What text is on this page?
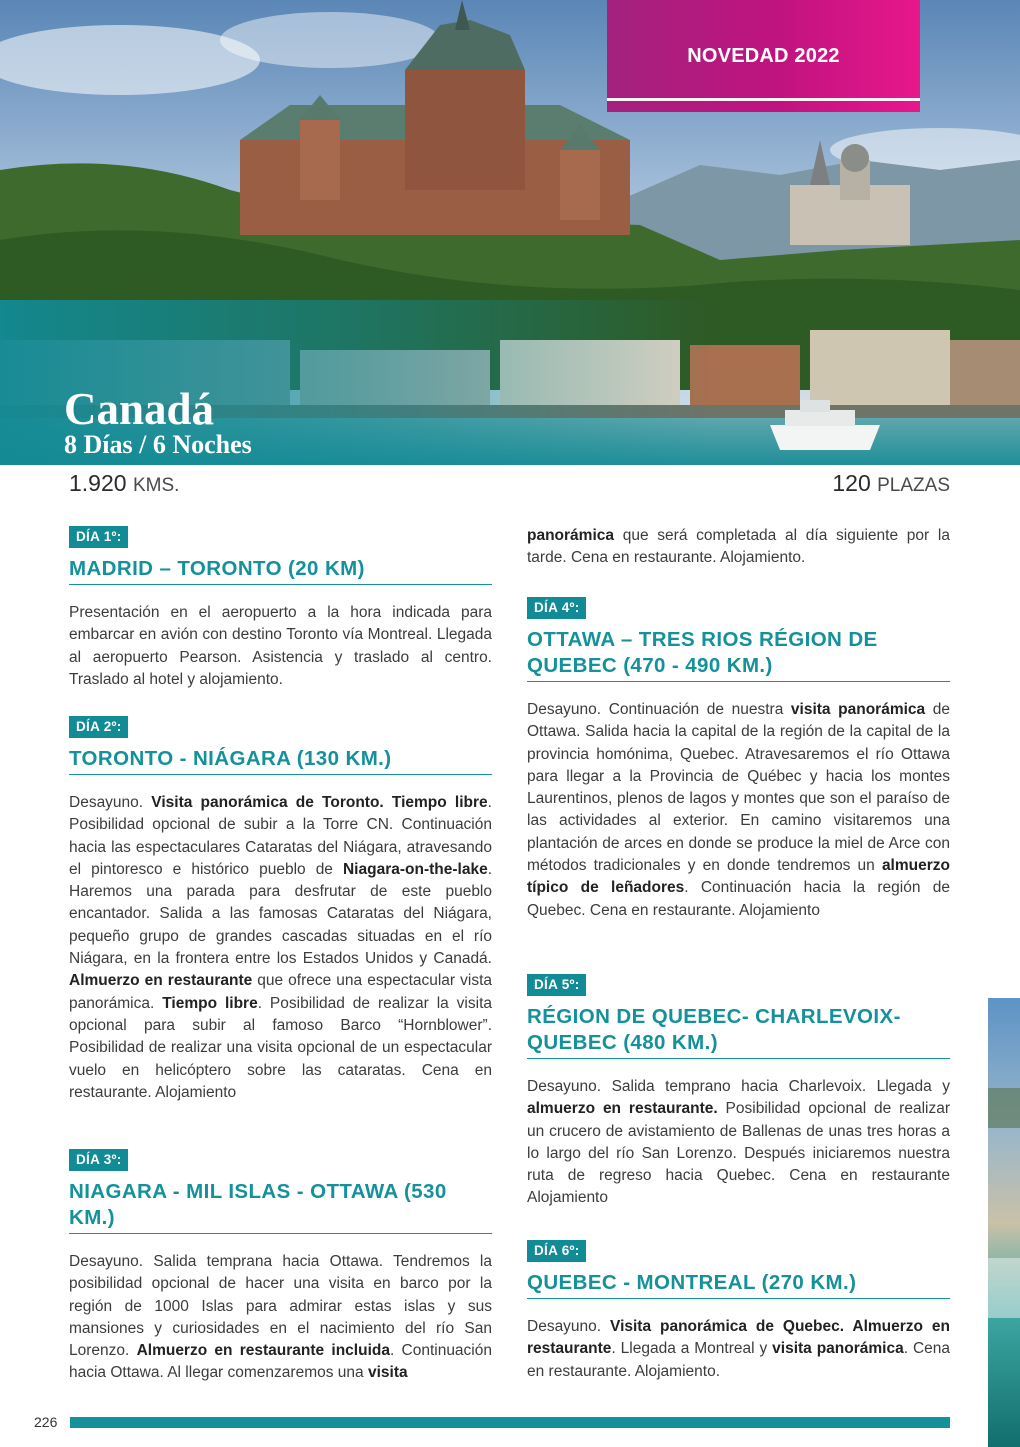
NOVEDAD 2022
Canadá
8 Días / 6 Noches
1.920 KMS.	120 PLAZAS
DÍA 1º:
MADRID – TORONTO (20 KM)
Presentación en el aeropuerto a la hora indicada para embarcar en avión con destino Toronto vía Montreal. Llegada al aeropuerto Pearson. Asistencia y traslado al centro. Traslado al hotel y alojamiento.
DÍA 2º:
TORONTO - NIÁGARA (130 KM.)
Desayuno. Visita panorámica de Toronto. Tiempo libre. Posibilidad opcional de subir a la Torre CN. Continuación hacia las espectaculares Cataratas del Niágara, atravesando el pintoresco e histórico pueblo de Niagara-on-the-lake. Haremos una parada para desfrutar de este pueblo encantador. Salida a las famosas Cataratas del Niágara, pequeño grupo de grandes cascadas situadas en el río Niágara, en la frontera entre los Estados Unidos y Canadá. Almuerzo en restaurante que ofrece una espectacular vista panorámica. Tiempo libre. Posibilidad de realizar la visita opcional para subir al famoso Barco “Hornblower”. Posibilidad de realizar una visita opcional de un espectacular vuelo en helicóptero sobre las cataratas. Cena en restaurante. Alojamiento
DÍA 3º:
NIAGARA - MIL ISLAS - OTTAWA (530 KM.)
Desayuno. Salida temprana hacia Ottawa. Tendremos la posibilidad opcional de hacer una visita en barco por la región de 1000 Islas para admirar estas islas y sus mansiones y curiosidades en el nacimiento del río San Lorenzo. Almuerzo en restaurante incluida. Continuación hacia Ottawa. Al llegar comenzaremos una visita
panorámica que será completada al día siguiente por la tarde. Cena en restaurante. Alojamiento.
DÍA 4º:
OTTAWA – TRES RIOS RÉGION DE QUEBEC (470 - 490 KM.)
Desayuno. Continuación de nuestra visita panorámica de Ottawa. Salida hacia la capital de la región de la capital de la provincia homónima, Quebec. Atravesaremos el río Ottawa para llegar a la Provincia de Québec y hacia los montes Laurentinos, plenos de lagos y montes que son el paraíso de las actividades al exterior. En camino visitaremos una plantación de arces en donde se produce la miel de Arce con métodos tradicionales y en donde tendremos un almuerzo típico de leñadores. Continuación hacia la región de Quebec. Cena en restaurante. Alojamiento
DÍA 5º:
RÉGION DE QUEBEC- CHARLEVOIX- QUEBEC (480 KM.)
Desayuno. Salida temprano hacia Charlevoix. Llegada y almuerzo en restaurante. Posibilidad opcional de realizar un crucero de avistamiento de Ballenas de unas tres horas a lo largo del río San Lorenzo. Después iniciaremos nuestra ruta de regreso hacia Quebec. Cena en restaurante Alojamiento
DÍA 6º:
QUEBEC - MONTREAL (270 KM.)
Desayuno. Visita panorámica de Quebec. Almuerzo en restaurante. Llegada a Montreal y visita panorámica. Cena en restaurante. Alojamiento.
226
